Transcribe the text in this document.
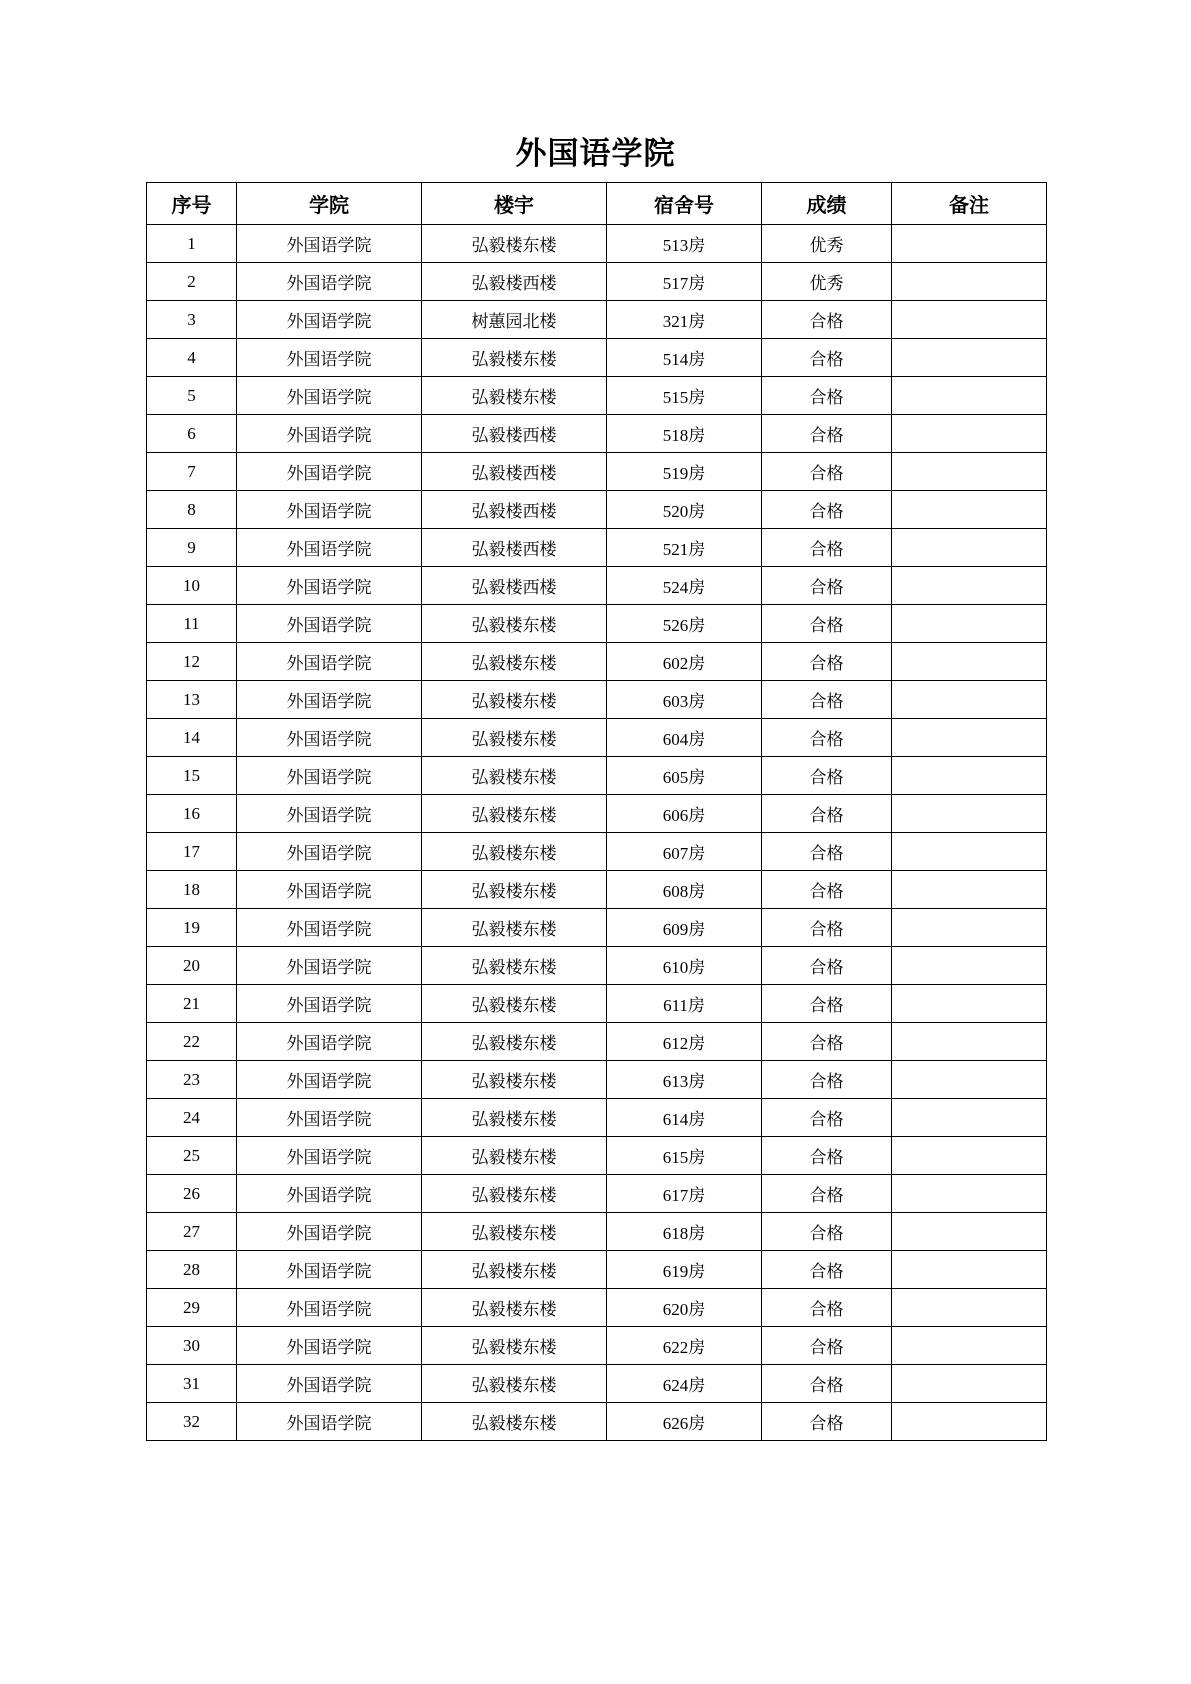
外国语学院
序号	学院	楼宇	宿舍号	成绩	备注
1	外国语学院	弘毅楼东楼	513房	优秀	
2	外国语学院	弘毅楼西楼	517房	优秀	
3	外国语学院	树蕙园北楼	321房	合格	
4	外国语学院	弘毅楼东楼	514房	合格	
5	外国语学院	弘毅楼东楼	515房	合格	
6	外国语学院	弘毅楼西楼	518房	合格	
7	外国语学院	弘毅楼西楼	519房	合格	
8	外国语学院	弘毅楼西楼	520房	合格	
9	外国语学院	弘毅楼西楼	521房	合格	
10	外国语学院	弘毅楼西楼	524房	合格	
11	外国语学院	弘毅楼东楼	526房	合格	
12	外国语学院	弘毅楼东楼	602房	合格	
13	外国语学院	弘毅楼东楼	603房	合格	
14	外国语学院	弘毅楼东楼	604房	合格	
15	外国语学院	弘毅楼东楼	605房	合格	
16	外国语学院	弘毅楼东楼	606房	合格	
17	外国语学院	弘毅楼东楼	607房	合格	
18	外国语学院	弘毅楼东楼	608房	合格	
19	外国语学院	弘毅楼东楼	609房	合格	
20	外国语学院	弘毅楼东楼	610房	合格	
21	外国语学院	弘毅楼东楼	611房	合格	
22	外国语学院	弘毅楼东楼	612房	合格	
23	外国语学院	弘毅楼东楼	613房	合格	
24	外国语学院	弘毅楼东楼	614房	合格	
25	外国语学院	弘毅楼东楼	615房	合格	
26	外国语学院	弘毅楼东楼	617房	合格	
27	外国语学院	弘毅楼东楼	618房	合格	
28	外国语学院	弘毅楼东楼	619房	合格	
29	外国语学院	弘毅楼东楼	620房	合格	
30	外国语学院	弘毅楼东楼	622房	合格	
31	外国语学院	弘毅楼东楼	624房	合格	
32	外国语学院	弘毅楼东楼	626房	合格	
